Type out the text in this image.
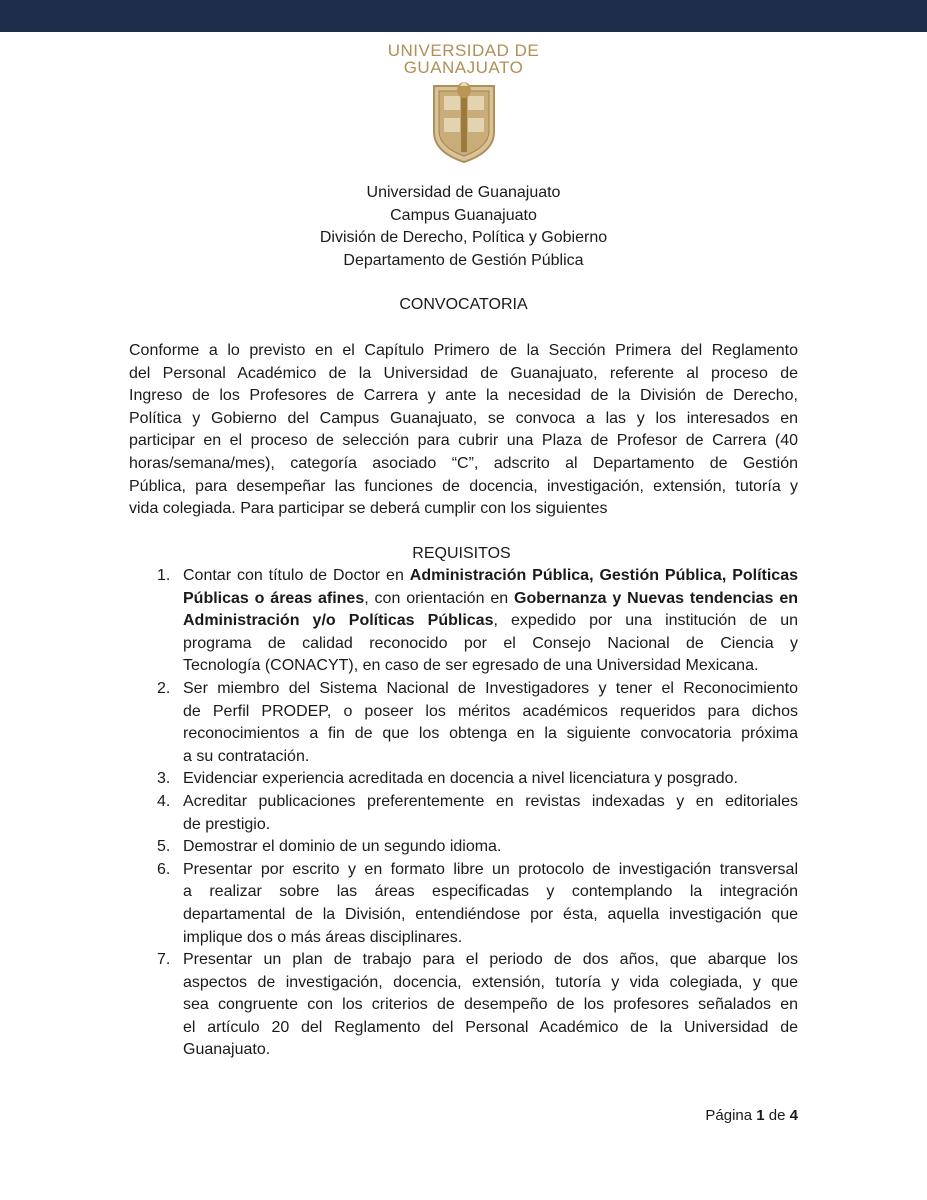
UNIVERSIDAD DE
GUANAJUATO
Universidad de Guanajuato
Campus Guanajuato
División de Derecho, Política y Gobierno
Departamento de Gestión Pública
CONVOCATORIA
Conforme a lo previsto en el Capítulo Primero de la Sección Primera del Reglamento
del Personal Académico de la Universidad de Guanajuato, referente al proceso de
Ingreso de los Profesores de Carrera y ante la necesidad de la División de Derecho,
Política y Gobierno del Campus Guanajuato, se convoca a las y los interesados en
participar en el proceso de selección para cubrir una Plaza de Profesor de Carrera (40
horas/semana/mes), categoría asociado “C”, adscrito al Departamento de Gestión
Pública, para desempeñar las funciones de docencia, investigación, extensión, tutoría y
vida colegiada. Para participar se deberá cumplir con los siguientes
REQUISITOS
1. Contar con título de Doctor en Administración Pública, Gestión Pública, Políticas
Públicas o áreas afines, con orientación en Gobernanza y Nuevas tendencias en
Administración y/o Políticas Públicas, expedido por una institución de un
programa de calidad reconocido por el Consejo Nacional de Ciencia y
Tecnología (CONACYT), en caso de ser egresado de una Universidad Mexicana.
2. Ser miembro del Sistema Nacional de Investigadores y tener el Reconocimiento
de Perfil PRODEP, o poseer los méritos académicos requeridos para dichos
reconocimientos a fin de que los obtenga en la siguiente convocatoria próxima
a su contratación.
3. Evidenciar experiencia acreditada en docencia a nivel licenciatura y posgrado.
4. Acreditar publicaciones preferentemente en revistas indexadas y en editoriales
de prestigio.
5. Demostrar el dominio de un segundo idioma.
6. Presentar por escrito y en formato libre un protocolo de investigación transversal
a realizar sobre las áreas especificadas y contemplando la integración
departamental de la División, entendiéndose por ésta, aquella investigación que
implique dos o más áreas disciplinares.
7. Presentar un plan de trabajo para el periodo de dos años, que abarque los
aspectos de investigación, docencia, extensión, tutoría y vida colegiada, y que
sea congruente con los criterios de desempeño de los profesores señalados en
el artículo 20 del Reglamento del Personal Académico de la Universidad de
Guanajuato.
Página 1 de 4
